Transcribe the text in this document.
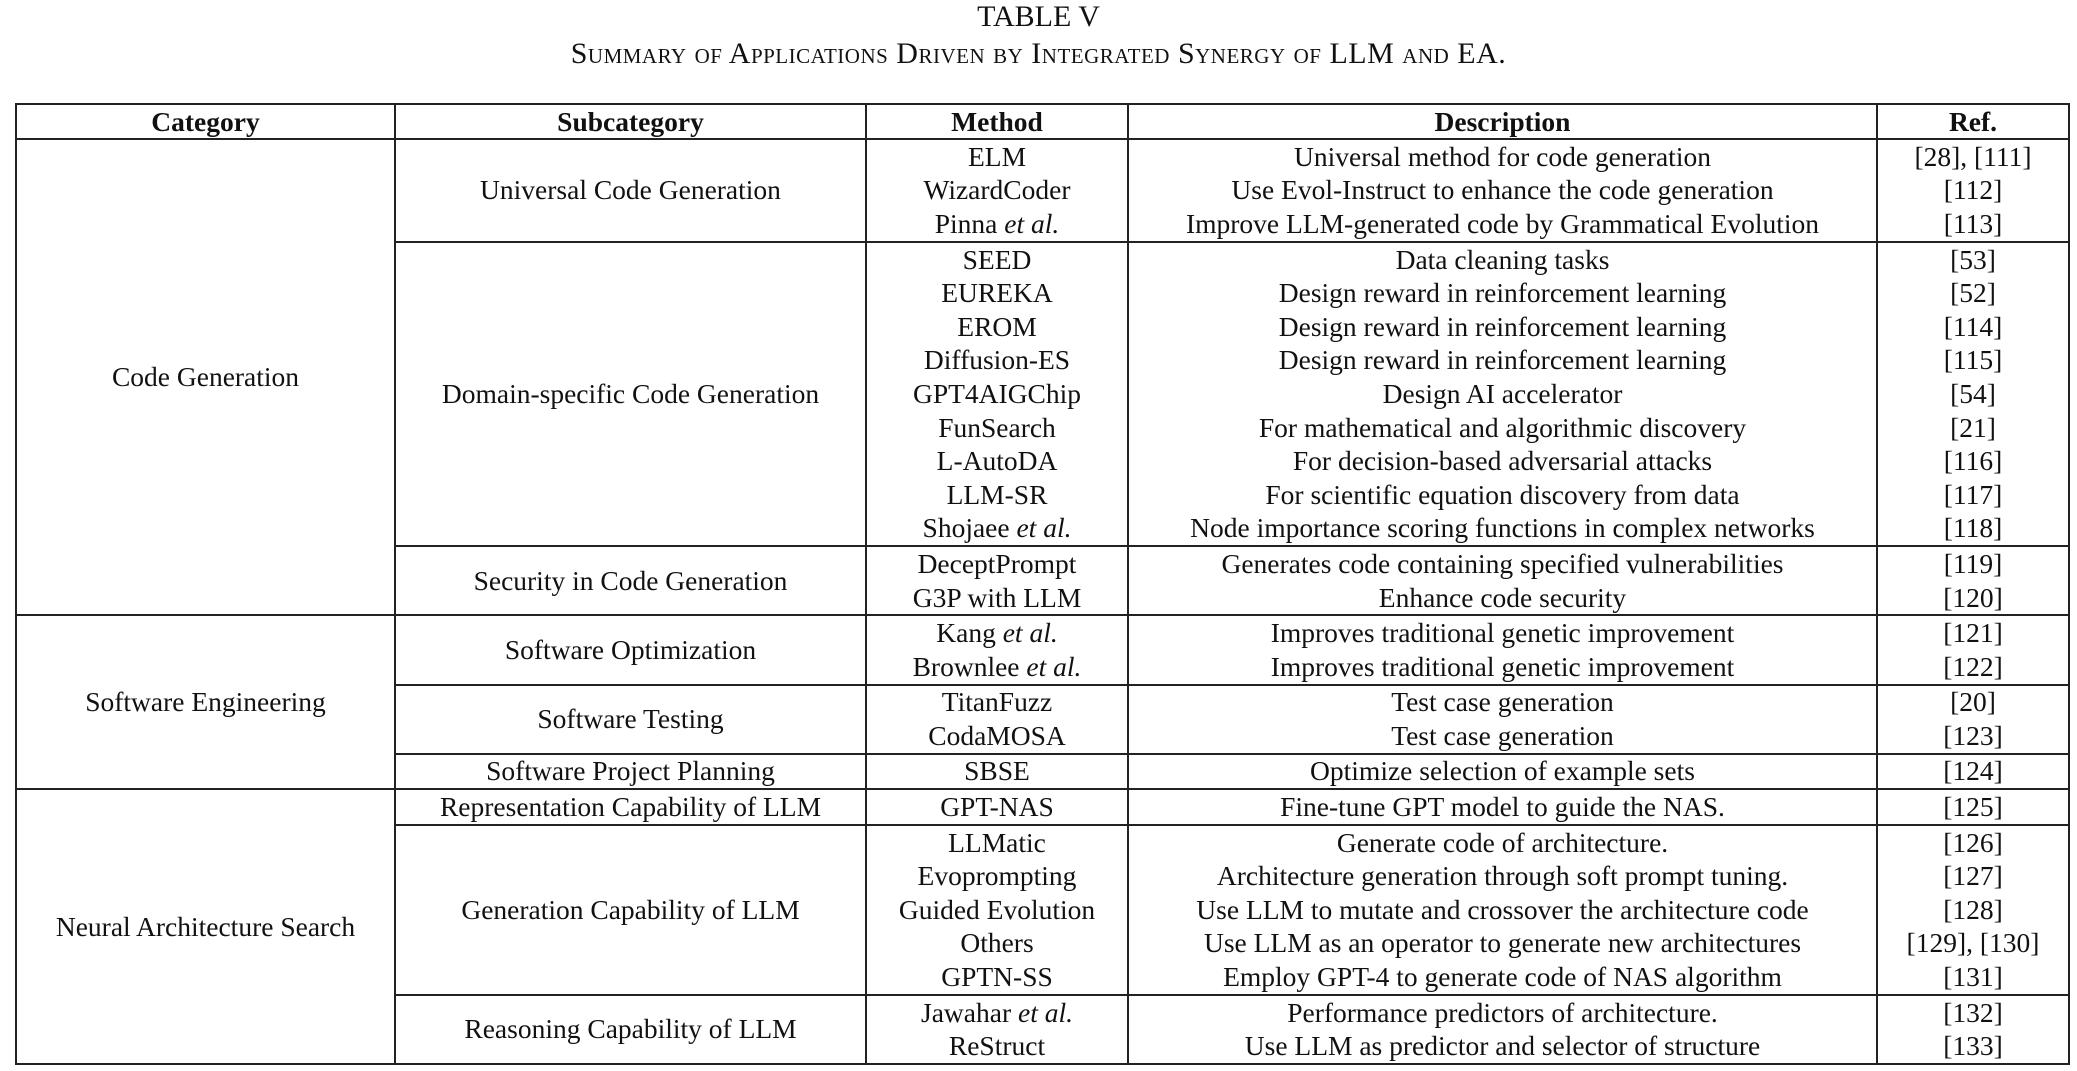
TABLE V
Summary of Applications Driven by Integrated Synergy of LLM and EA.
Category	Subcategory	Method	Description	Ref.
Code Generation	Universal Code Generation	ELM	Universal method for code generation	[28], [111]
		WizardCoder	Use Evol-Instruct to enhance the code generation	[112]
		Pinna et al.	Improve LLM-generated code by Grammatical Evolution	[113]
	Domain-specific Code Generation	SEED	Data cleaning tasks	[53]
		EUREKA	Design reward in reinforcement learning	[52]
		EROM	Design reward in reinforcement learning	[114]
		Diffusion-ES	Design reward in reinforcement learning	[115]
		GPT4AIGChip	Design AI accelerator	[54]
		FunSearch	For mathematical and algorithmic discovery	[21]
		L-AutoDA	For decision-based adversarial attacks	[116]
		LLM-SR	For scientific equation discovery from data	[117]
		Shojaee et al.	Node importance scoring functions in complex networks	[118]
	Security in Code Generation	DeceptPrompt	Generates code containing specified vulnerabilities	[119]
		G3P with LLM	Enhance code security	[120]
Software Engineering	Software Optimization	Kang et al.	Improves traditional genetic improvement	[121]
		Brownlee et al.	Improves traditional genetic improvement	[122]
	Software Testing	TitanFuzz	Test case generation	[20]
		CodaMOSA	Test case generation	[123]
	Software Project Planning	SBSE	Optimize selection of example sets	[124]
Neural Architecture Search	Representation Capability of LLM	GPT-NAS	Fine-tune GPT model to guide the NAS.	[125]
	Generation Capability of LLM	LLMatic	Generate code of architecture.	[126]
		Evoprompting	Architecture generation through soft prompt tuning.	[127]
		Guided Evolution	Use LLM to mutate and crossover the architecture code	[128]
		Others	Use LLM as an operator to generate new architectures	[129], [130]
		GPTN-SS	Employ GPT-4 to generate code of NAS algorithm	[131]
	Reasoning Capability of LLM	Jawahar et al.	Performance predictors of architecture.	[132]
		ReStruct	Use LLM as predictor and selector of structure	[133]
